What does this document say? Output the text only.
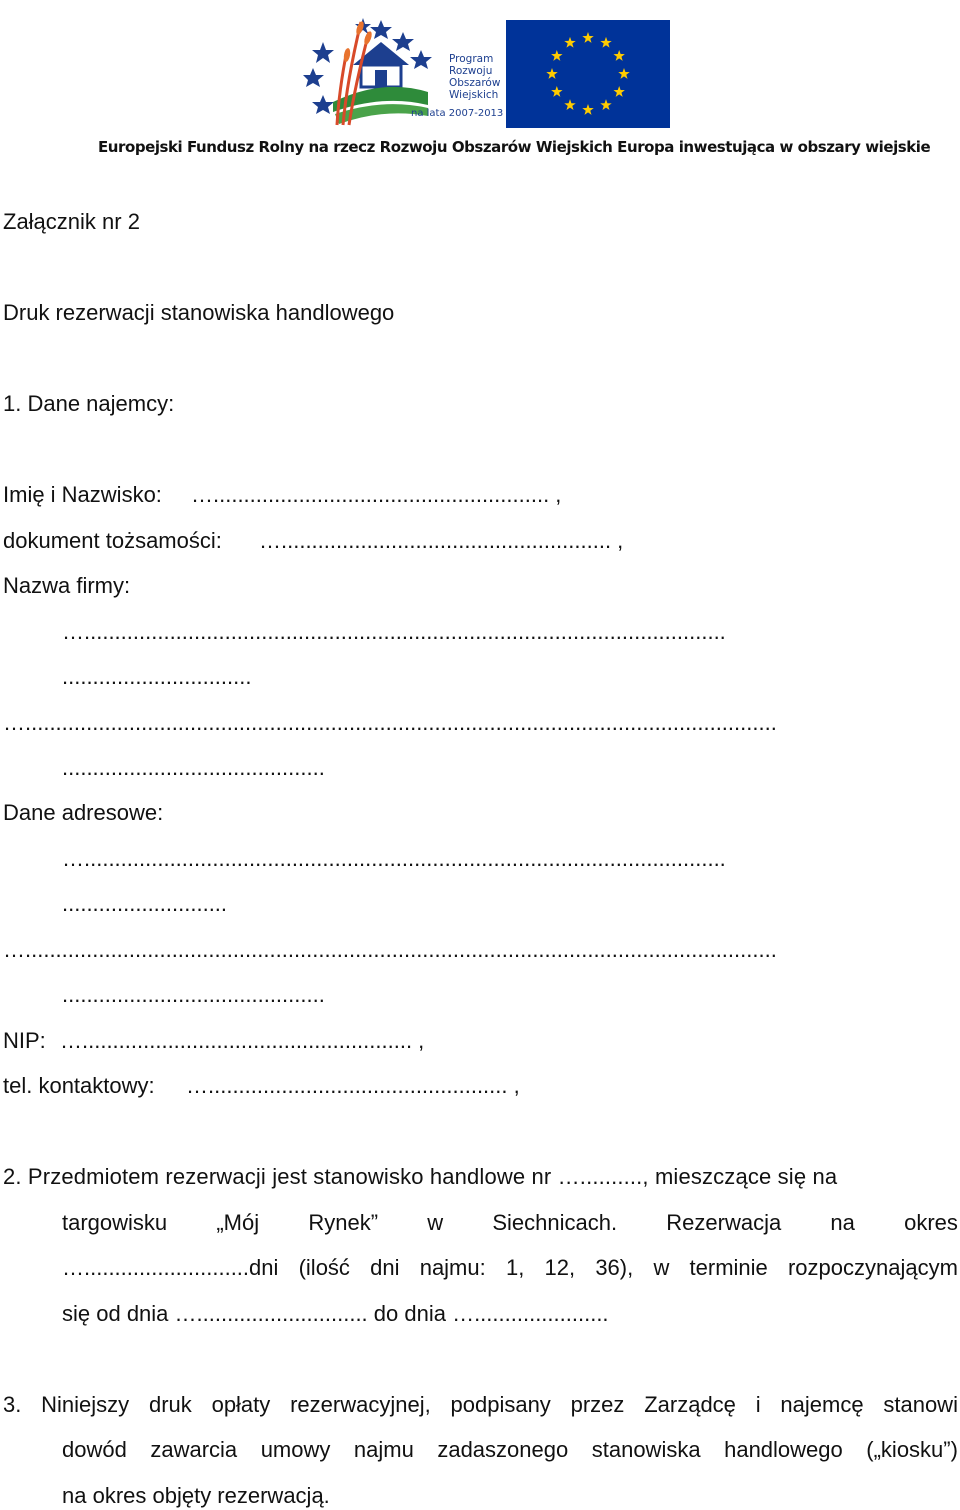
Program
Rozwoju
Obszarów
Wiejskich
na lata 2007-2013
Europejski Fundusz Rolny na rzecz Rozwoju Obszarów Wiejskich Europa inwestująca w obszary wiejskie
Załącznik nr 2
Druk rezerwacji stanowiska handlowego
1. Dane najemcy:
Imię i Nazwisko: …....................................................... ,
dokument tożsamości: …...................................................... ,
Nazwa firmy:
….........................................................................................................
...............................
…...........................................................................................................................
...........................................
Dane adresowe:
….........................................................................................................
...........................
…...........................................................................................................................
...........................................
NIP: …...................................................... ,
tel. kontaktowy: …................................................. ,
2. Przedmiotem rezerwacji jest stanowisko handlowe nr ….........., mieszczące się na
targowisku „Mój Rynek” w Siechnicach. Rezerwacja na okres
…...........................dni (ilość dni najmu: 1, 12, 36), w terminie rozpoczynającym
się od dnia …............................ do dnia …......................
3. Niniejszy druk opłaty rezerwacyjnej, podpisany przez Zarządcę i najemcę stanowi
dowód zawarcia umowy najmu zadaszonego stanowiska handlowego („kiosku”)
na okres objęty rezerwacją.
